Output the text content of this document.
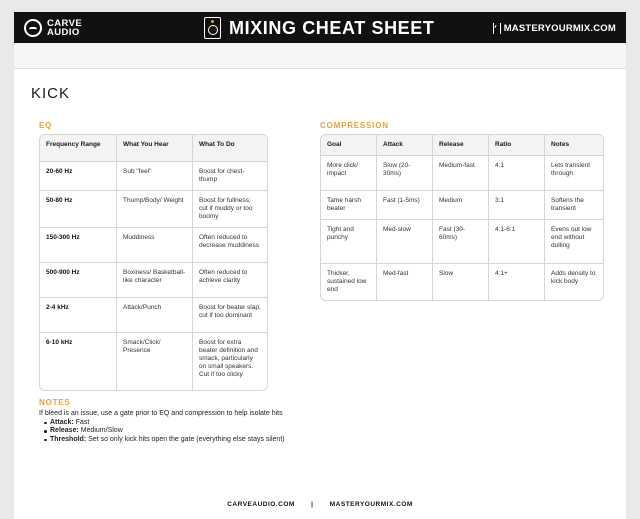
CARVE
AUDIO	MIXING CHEAT SHEET	MASTERYOURMIX.COM
KICK
EQ	COMPRESSION
Frequency Range	What You Hear	What To Do
20-60 Hz	Sub "feel"	Boost for chest-thump
50-80 Hz	Thump/Body/ Weight	Boost for fullness; cut if muddy or too boomy
150-300 Hz	Muddiness	Often reduced to decrease muddiness
500-900 Hz	Boxiness/ Basketball-like character	Often reduced to achieve clarity
2-4 kHz	Attack/Punch	Boost for beater slap, cut if too dominant
6-10 kHz	Smack/Click/ Presence	Boost for extra beater definition and smack, particularly on small speakers. Cut if too clicky
Goal	Attack	Release	Ratio	Notes
More click/ impact	Slow (20-30ms)	Medium-fast	4:1	Lets transient through
Tame harsh beater	Fast (1-5ms)	Medium	3:1	Softens the transient
Tight and punchy	Med-slow	Fast (30-60ms)	4:1-6:1	Evens out low end without dulling
Thicker, sustained low end	Med-fast	Slow	4:1+	Adds density to kick body
NOTES
If bleed is an issue, use a gate prior to EQ and compression to help isolate hits
Attack: Fast
Release: Medium/Slow
Threshold: Set so only kick hits open the gate (everything else stays silent)
CARVEAUDIO.COM	|	MASTERYOURMIX.COM
